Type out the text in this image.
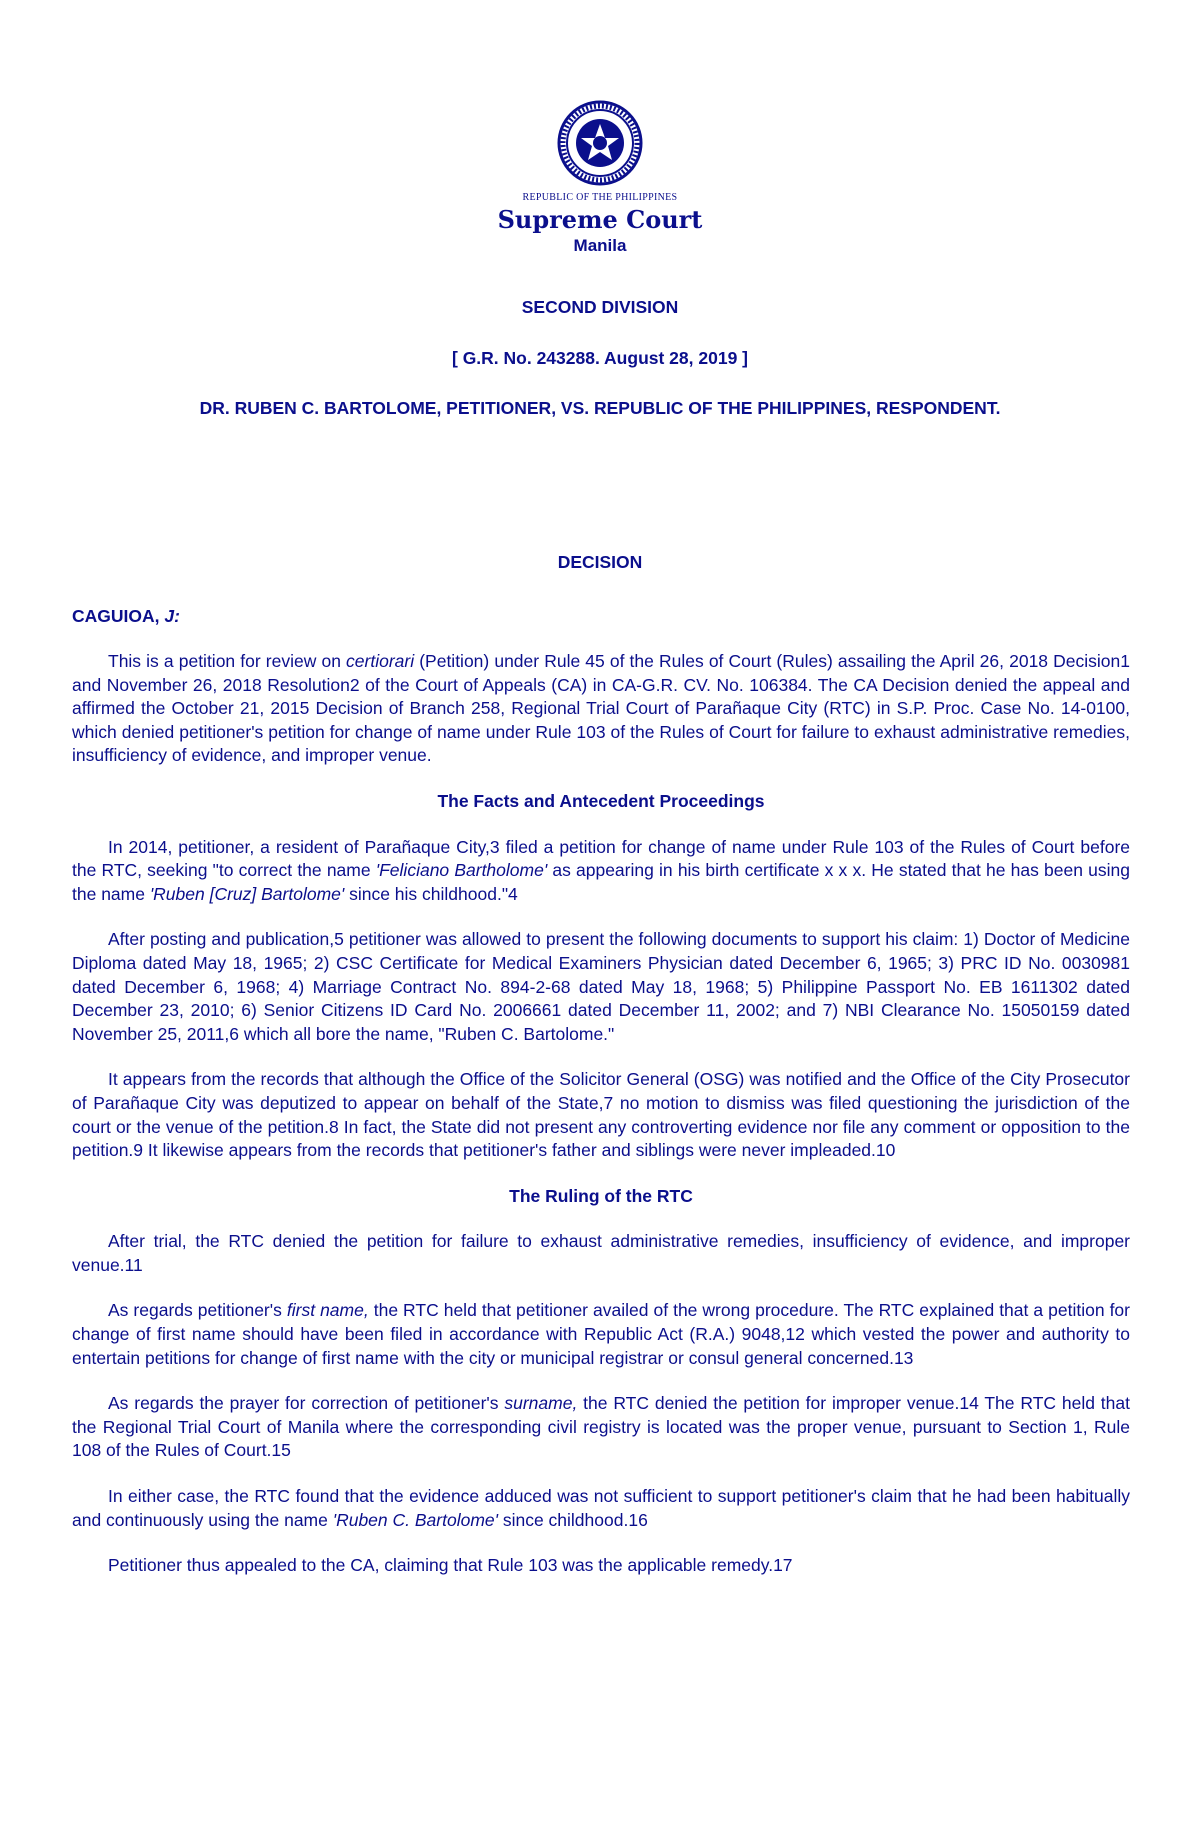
REPUBLIC OF THE PHILIPPINES
Supreme Court
Manila
SECOND DIVISION
[ G.R. No. 243288. August 28, 2019 ]
DR. RUBEN C. BARTOLOME, PETITIONER, VS. REPUBLIC OF THE PHILIPPINES, RESPONDENT.
DECISION
CAGUIOA, J:

This is a petition for review on certiorari (Petition) under Rule 45 of the Rules of Court (Rules) assailing the April 26, 2018 Decision1 and November 26, 2018 Resolution2 of the Court of Appeals (CA) in CA-G.R. CV. No. 106384. The CA Decision denied the appeal and affirmed the October 21, 2015 Decision of Branch 258, Regional Trial Court of Parañaque City (RTC) in S.P. Proc. Case No. 14-0100, which denied petitioner's petition for change of name under Rule 103 of the Rules of Court for failure to exhaust administrative remedies, insufficiency of evidence, and improper venue.

The Facts and Antecedent Proceedings

In 2014, petitioner, a resident of Parañaque City,3 filed a petition for change of name under Rule 103 of the Rules of Court before the RTC, seeking "to correct the name 'Feliciano Bartholome' as appearing in his birth certificate x x x. He stated that he has been using the name 'Ruben [Cruz] Bartolome' since his childhood."4

After posting and publication,5 petitioner was allowed to present the following documents to support his claim: 1) Doctor of Medicine Diploma dated May 18, 1965; 2) CSC Certificate for Medical Examiners Physician dated December 6, 1965; 3) PRC ID No. 0030981 dated December 6, 1968; 4) Marriage Contract No. 894-2-68 dated May 18, 1968; 5) Philippine Passport No. EB 1611302 dated December 23, 2010; 6) Senior Citizens ID Card No. 2006661 dated December 11, 2002; and 7) NBI Clearance No. 15050159 dated November 25, 2011,6 which all bore the name, "Ruben C. Bartolome."

It appears from the records that although the Office of the Solicitor General (OSG) was notified and the Office of the City Prosecutor of Parañaque City was deputized to appear on behalf of the State,7 no motion to dismiss was filed questioning the jurisdiction of the court or the venue of the petition.8 In fact, the State did not present any controverting evidence nor file any comment or opposition to the petition.9 It likewise appears from the records that petitioner's father and siblings were never impleaded.10

The Ruling of the RTC

After trial, the RTC denied the petition for failure to exhaust administrative remedies, insufficiency of evidence, and improper venue.11

As regards petitioner's first name, the RTC held that petitioner availed of the wrong procedure. The RTC explained that a petition for change of first name should have been filed in accordance with Republic Act (R.A.) 9048,12 which vested the power and authority to entertain petitions for change of first name with the city or municipal registrar or consul general concerned.13

As regards the prayer for correction of petitioner's surname, the RTC denied the petition for improper venue.14 The RTC held that the Regional Trial Court of Manila where the corresponding civil registry is located was the proper venue, pursuant to Section 1, Rule 108 of the Rules of Court.15

In either case, the RTC found that the evidence adduced was not sufficient to support petitioner's claim that he had been habitually and continuously using the name 'Ruben C. Bartolome' since childhood.16

Petitioner thus appealed to the CA, claiming that Rule 103 was the applicable remedy.17
